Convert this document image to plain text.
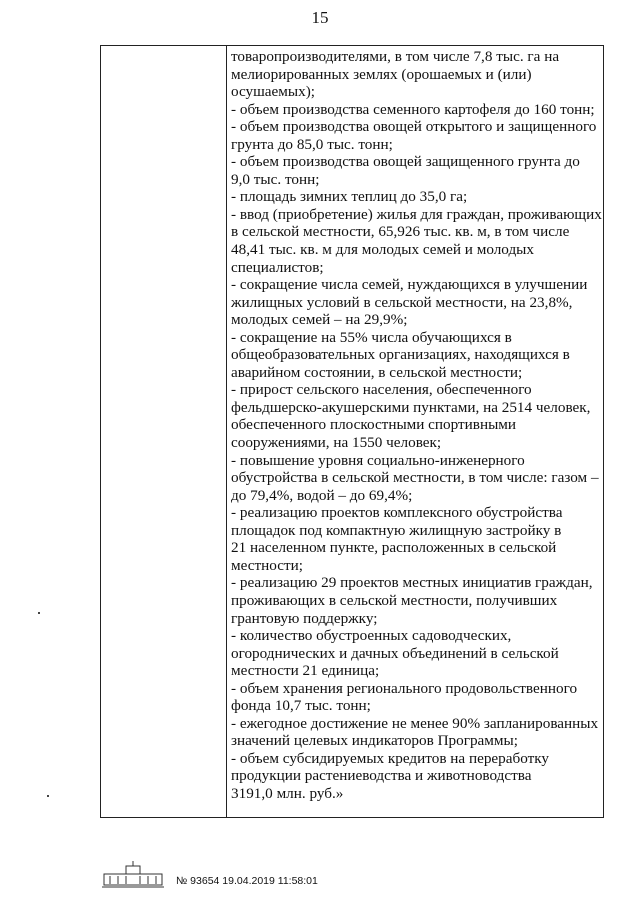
15
товаропроизводителями, в том числе 7,8 тыс. га на
мелиорированных землях (орошаемых и (или)
осушаемых);
- объем производства семенного картофеля до 160 тонн;
- объем производства овощей открытого и защищенного
грунта до 85,0 тыс. тонн;
- объем производства овощей защищенного грунта до
9,0 тыс. тонн;
- площадь зимних теплиц до 35,0 га;
- ввод (приобретение) жилья для граждан, проживающих
в сельской местности, 65,926 тыс. кв. м, в том числе
48,41 тыс. кв. м для молодых семей и молодых
специалистов;
- сокращение числа семей, нуждающихся в улучшении
жилищных условий в сельской местности, на 23,8%,
молодых семей – на 29,9%;
- сокращение на 55% числа обучающихся в
общеобразовательных организациях, находящихся в
аварийном состоянии, в сельской местности;
- прирост сельского населения, обеспеченного
фельдшерско-акушерскими пунктами, на 2514 человек,
обеспеченного плоскостными спортивными
сооружениями, на 1550 человек;
- повышение уровня социально-инженерного
обустройства в сельской местности, в том числе: газом –
до 79,4%, водой – до 69,4%;
- реализацию проектов комплексного обустройства
площадок под компактную жилищную застройку в
21 населенном пункте, расположенных в сельской
местности;
- реализацию 29 проектов местных инициатив граждан,
проживающих в сельской местности, получивших
грантовую поддержку;
- количество обустроенных садоводческих,
огороднических и дачных объединений в сельской
местности 21 единица;
- объем хранения регионального продовольственного
фонда 10,7 тыс. тонн;
- ежегодное достижение не менее 90% запланированных
значений целевых индикаторов Программы;
- объем субсидируемых кредитов на переработку
продукции растениеводства и животноводства
3191,0 млн. руб.»
№ 93654 19.04.2019 11:58:01
